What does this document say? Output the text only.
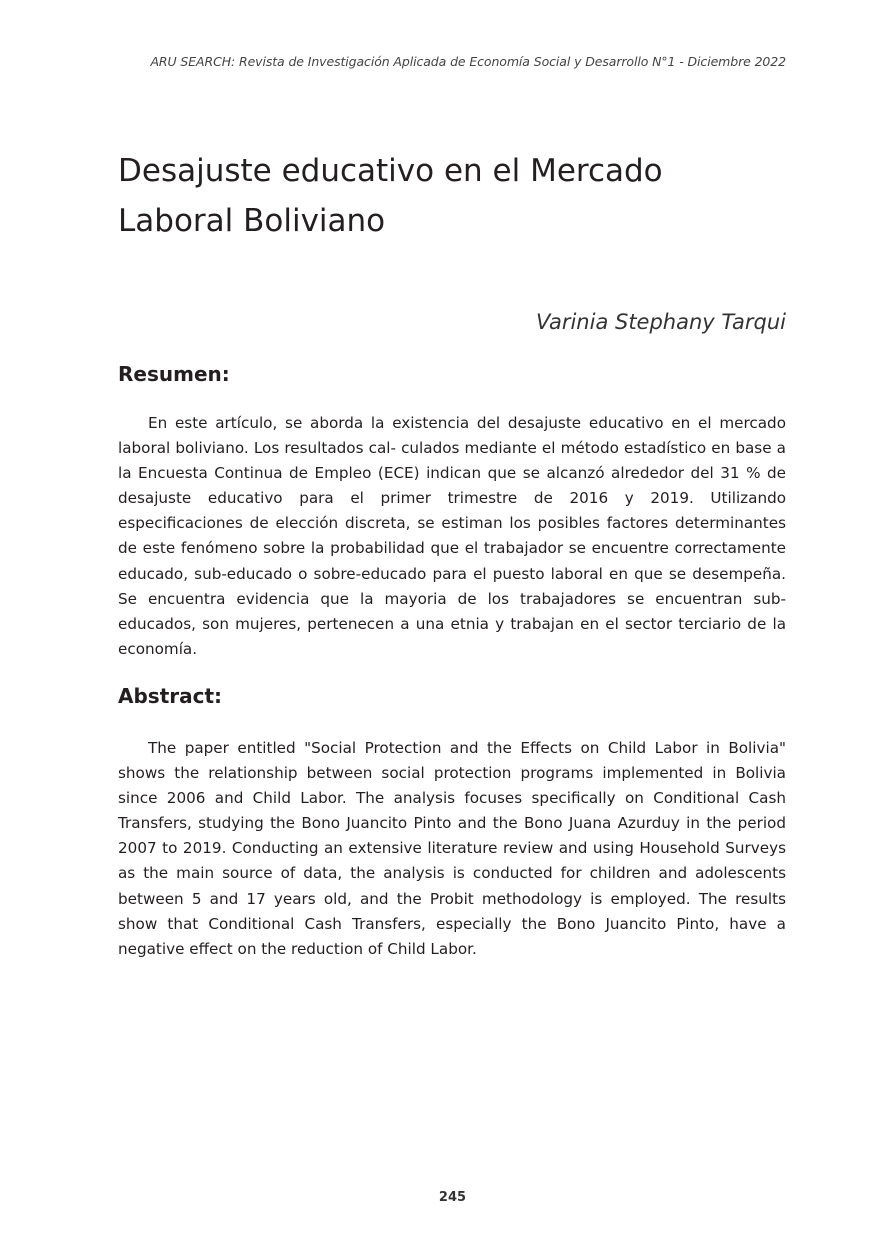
ARU SEARCH: Revista de Investigación Aplicada de Economía Social y Desarrollo N°1 - Diciembre 2022
Desajuste educativo en el Mercado Laboral Boliviano
Varinia Stephany Tarqui
Resumen:

En este artículo, se aborda la existencia del desajuste educativo en el mercado laboral boliviano. Los resultados cal- culados mediante el método estadístico en base a la Encuesta Continua de Empleo (ECE) indican que se alcanzó alrededor del 31 % de desajuste educativo para el primer trimestre de 2016 y 2019. Utilizando especificaciones de elección discreta, se estiman los posibles factores determinantes de este fenómeno sobre la probabilidad que el trabajador se encuentre correctamente educado, sub-educado o sobre-educado para el puesto laboral en que se desempeña. Se encuentra evidencia que la mayoria de los trabajadores se encuentran sub-educados, son mujeres, pertenecen a una etnia y trabajan en el sector terciario de la economía.

Abstract:

The paper entitled "Social Protection and the Effects on Child Labor in Bolivia" shows the relationship between social protection programs implemented in Bolivia since 2006 and Child Labor. The analysis focuses specifically on Conditional Cash Transfers, studying the Bono Juancito Pinto and the Bono Juana Azurduy in the period 2007 to 2019. Conducting an extensive literature review and using Household Surveys as the main source of data, the analysis is conducted for children and adolescents between 5 and 17 years old, and the Probit methodology is employed. The results show that Conditional Cash Transfers, especially the Bono Juancito Pinto, have a negative effect on the reduction of Child Labor.

245
